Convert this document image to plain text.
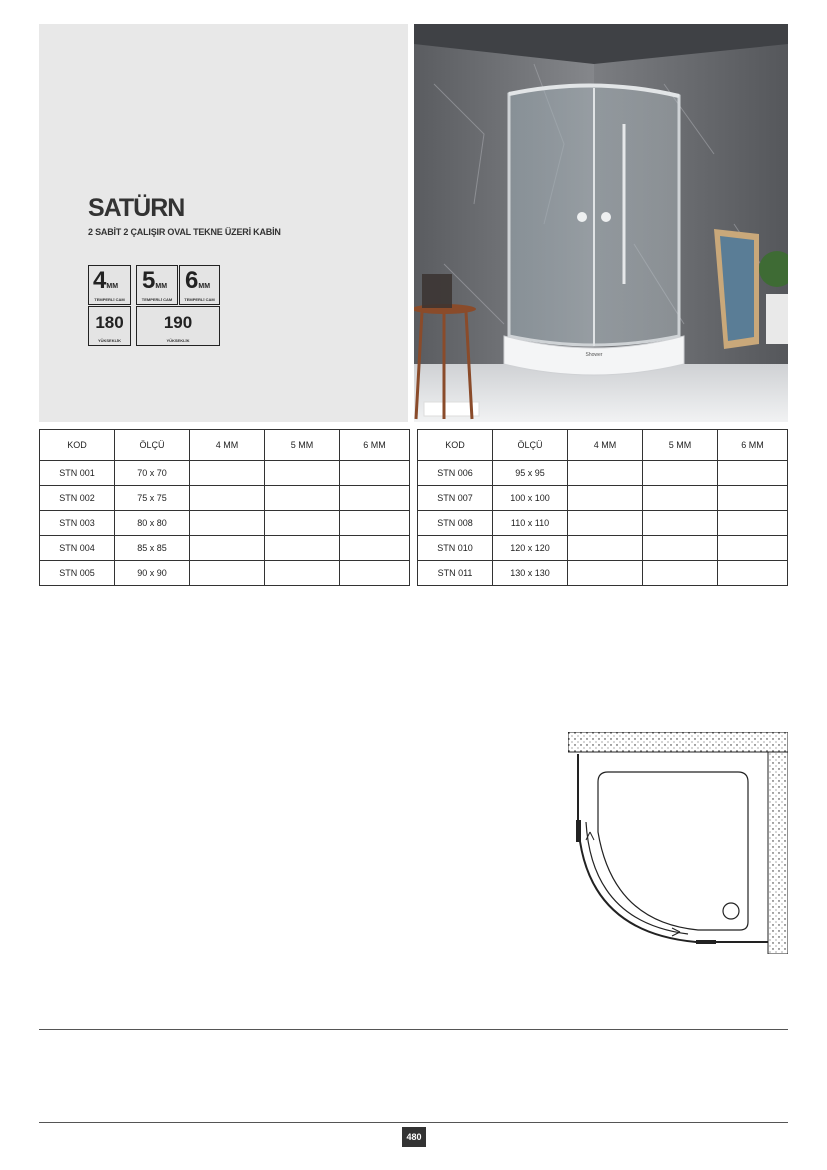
SATÜRN
2 SABİT 2 ÇALIŞIR OVAL TEKNE ÜZERİ KABİN
4MM
TEMPERLİ CAM
5MM
TEMPERLİ CAM
6MM
TEMPERLİ CAM
180
YÜKSEKLİK
190
YÜKSEKLİK
Shower
KOD	ÖLÇÜ	4 MM	5 MM	6 MM
STN 001	70 x 70			
STN 002	75 x 75			
STN 003	80 x 80			
STN 004	85 x 85			
STN 005	90 x 90			
KOD	ÖLÇÜ	4 MM	5 MM	6 MM
STN 006	95 x 95			
STN 007	100 x 100			
STN 008	110 x 110			
STN 010	120 x 120			
STN 011	130 x 130			
480
